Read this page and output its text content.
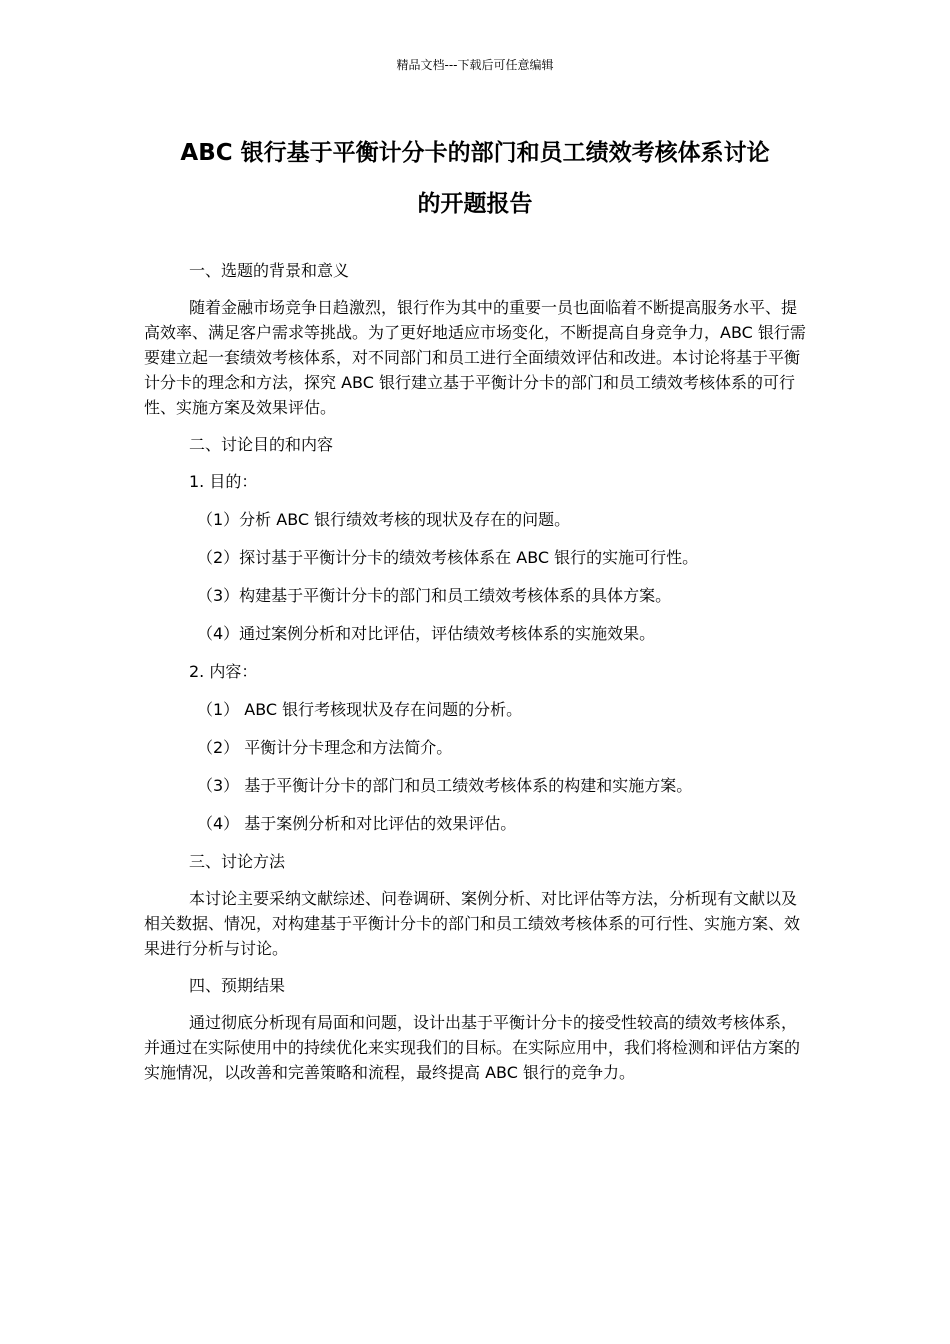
精品文档---下载后可任意编辑
ABC 银行基于平衡计分卡的部门和员工绩效考核体系讨论
的开题报告

一、选题的背景和意义

随着金融市场竞争日趋激烈，银行作为其中的重要一员也面临着不断提高服务水平、提高效率、满足客户需求等挑战。为了更好地适应市场变化，不断提高自身竞争力，ABC 银行需要建立起一套绩效考核体系，对不同部门和员工进行全面绩效评估和改进。本讨论将基于平衡计分卡的理念和方法，探究 ABC 银行建立基于平衡计分卡的部门和员工绩效考核体系的可行性、实施方案及效果评估。

二、讨论目的和内容

1. 目的：

（1）分析 ABC 银行绩效考核的现状及存在的问题。

（2）探讨基于平衡计分卡的绩效考核体系在 ABC 银行的实施可行性。

（3）构建基于平衡计分卡的部门和员工绩效考核体系的具体方案。

（4）通过案例分析和对比评估，评估绩效考核体系的实施效果。

2. 内容：

（1） ABC 银行考核现状及存在问题的分析。

（2） 平衡计分卡理念和方法简介。

（3） 基于平衡计分卡的部门和员工绩效考核体系的构建和实施方案。

（4） 基于案例分析和对比评估的效果评估。

三、讨论方法

本讨论主要采纳文献综述、问卷调研、案例分析、对比评估等方法，分析现有文献以及相关数据、情况，对构建基于平衡计分卡的部门和员工绩效考核体系的可行性、实施方案、效果进行分析与讨论。

四、预期结果

通过彻底分析现有局面和问题，设计出基于平衡计分卡的接受性较高的绩效考核体系，并通过在实际使用中的持续优化来实现我们的目标。在实际应用中，我们将检测和评估方案的实施情况，以改善和完善策略和流程，最终提高 ABC 银行的竞争力。
